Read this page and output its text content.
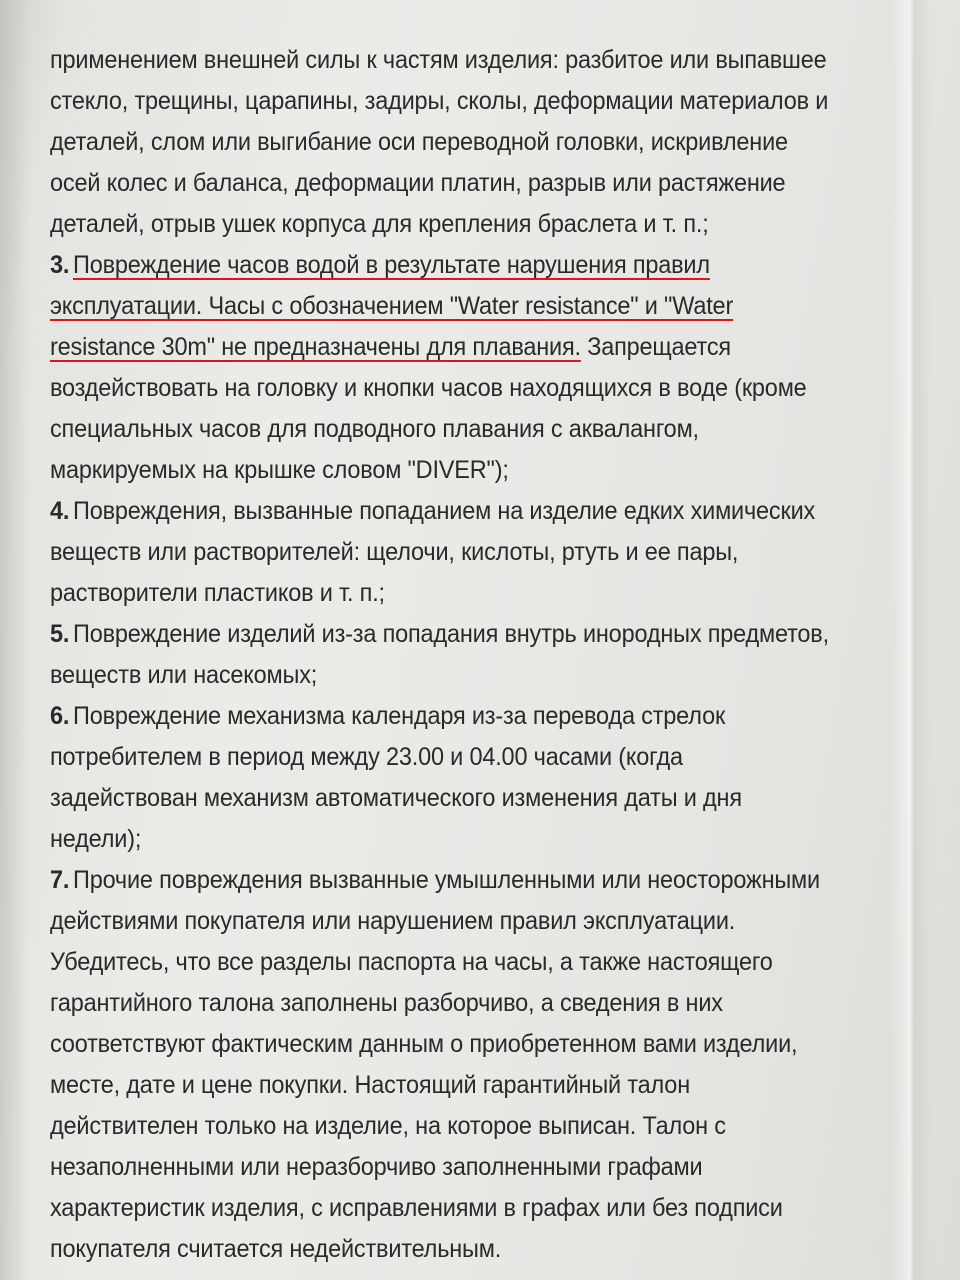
применением внешней силы к частям изделия: разбитое или выпавшее стекло, трещины, царапины, задиры, сколы, деформации материалов и деталей, слом или выгибание оси переводной головки, искривление осей колес и баланса, деформации платин, разрыв или растяжение деталей, отрыв ушек корпуса для крепления браслета и т. п.;

3. Повреждение часов водой в результате нарушения правил эксплуатации. Часы с обозначением "Water resistance" и "Water resistance 30m" не предназначены для плавания. Запрещается воздействовать на головку и кнопки часов находящихся в воде (кроме специальных часов для подводного плавания с аквалангом, маркируемых на крышке словом "DIVER");

4. Повреждения, вызванные попаданием на изделие едких химических веществ или растворителей: щелочи, кислоты, ртуть и ее пары, растворители пластиков и т. п.;

5. Повреждение изделий из-за попадания внутрь инородных предметов, веществ или насекомых;

6. Повреждение механизма календаря из-за перевода стрелок потребителем в период между 23.00 и 04.00 часами (когда задействован механизм автоматического изменения даты и дня недели);

7. Прочие повреждения вызванные умышленными или неосторожными действиями покупателя или нарушением правил эксплуатации. Убедитесь, что все разделы паспорта на часы, а также настоящего гарантийного талона заполнены разборчиво, а сведения в них соответствуют фактическим данным о приобретенном вами изделии, месте, дате и цене покупки. Настоящий гарантийный талон действителен только на изделие, на которое выписан. Талон с незаполненными или неразборчиво заполненными графами характеристик изделия, с исправлениями в графах или без подписи покупателя считается недействительным.
